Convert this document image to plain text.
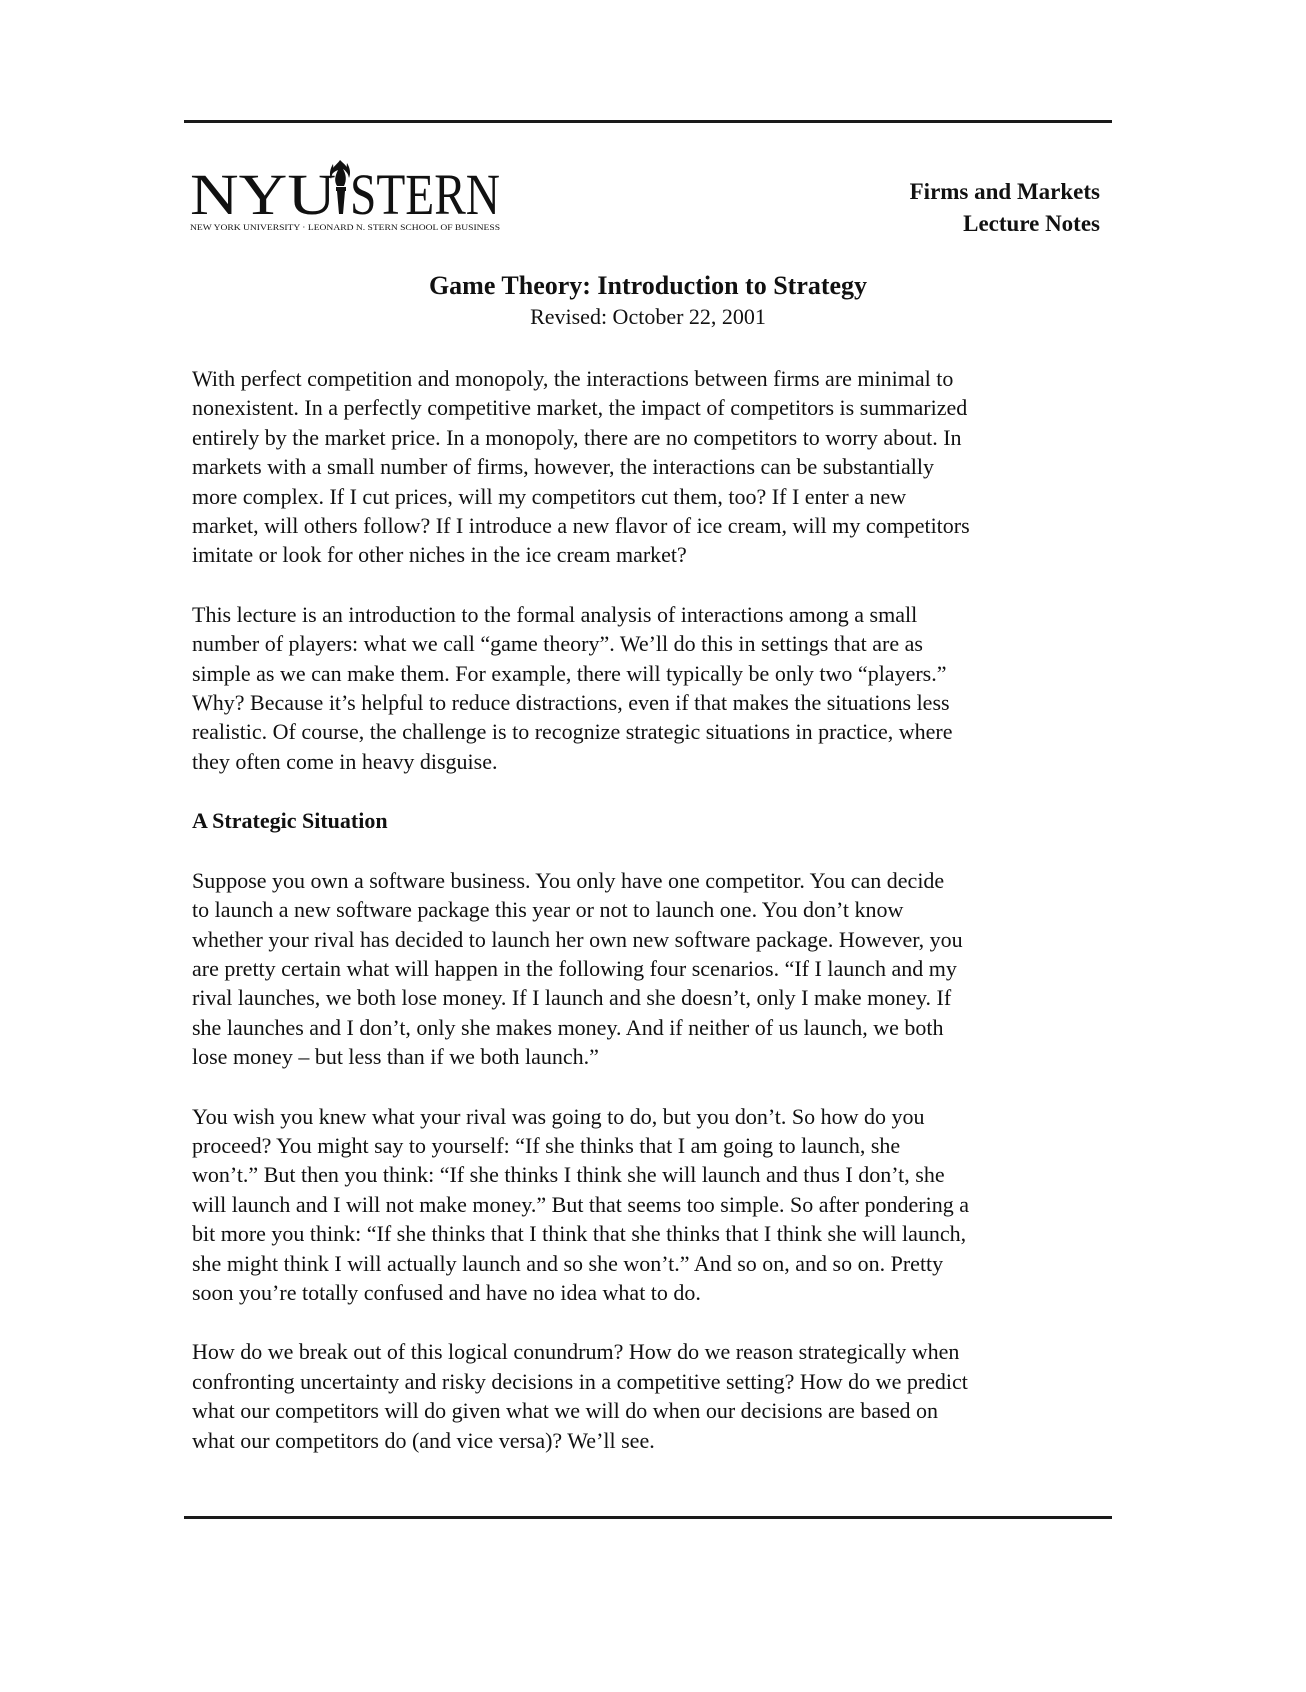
NYU STERN
NEW YORK UNIVERSITY · LEONARD N. STERN SCHOOL OF BUSINESS
Firms and Markets
Lecture Notes
Game Theory: Introduction to Strategy
Revised: October 22, 2001
With perfect competition and monopoly, the interactions between firms are minimal to
nonexistent. In a perfectly competitive market, the impact of competitors is summarized
entirely by the market price. In a monopoly, there are no competitors to worry about. In
markets with a small number of firms, however, the interactions can be substantially
more complex. If I cut prices, will my competitors cut them, too? If I enter a new
market, will others follow? If I introduce a new flavor of ice cream, will my competitors
imitate or look for other niches in the ice cream market?
This lecture is an introduction to the formal analysis of interactions among a small
number of players: what we call “game theory”. We’ll do this in settings that are as
simple as we can make them. For example, there will typically be only two “players.”
Why? Because it’s helpful to reduce distractions, even if that makes the situations less
realistic. Of course, the challenge is to recognize strategic situations in practice, where
they often come in heavy disguise.
A Strategic Situation
Suppose you own a software business. You only have one competitor. You can decide
to launch a new software package this year or not to launch one. You don’t know
whether your rival has decided to launch her own new software package. However, you
are pretty certain what will happen in the following four scenarios. “If I launch and my
rival launches, we both lose money. If I launch and she doesn’t, only I make money. If
she launches and I don’t, only she makes money. And if neither of us launch, we both
lose money – but less than if we both launch.”
You wish you knew what your rival was going to do, but you don’t. So how do you
proceed? You might say to yourself: “If she thinks that I am going to launch, she
won’t.” But then you think: “If she thinks I think she will launch and thus I don’t, she
will launch and I will not make money.” But that seems too simple. So after pondering a
bit more you think: “If she thinks that I think that she thinks that I think she will launch,
she might think I will actually launch and so she won’t.” And so on, and so on. Pretty
soon you’re totally confused and have no idea what to do.
How do we break out of this logical conundrum? How do we reason strategically when
confronting uncertainty and risky decisions in a competitive setting? How do we predict
what our competitors will do given what we will do when our decisions are based on
what our competitors do (and vice versa)? We’ll see.
